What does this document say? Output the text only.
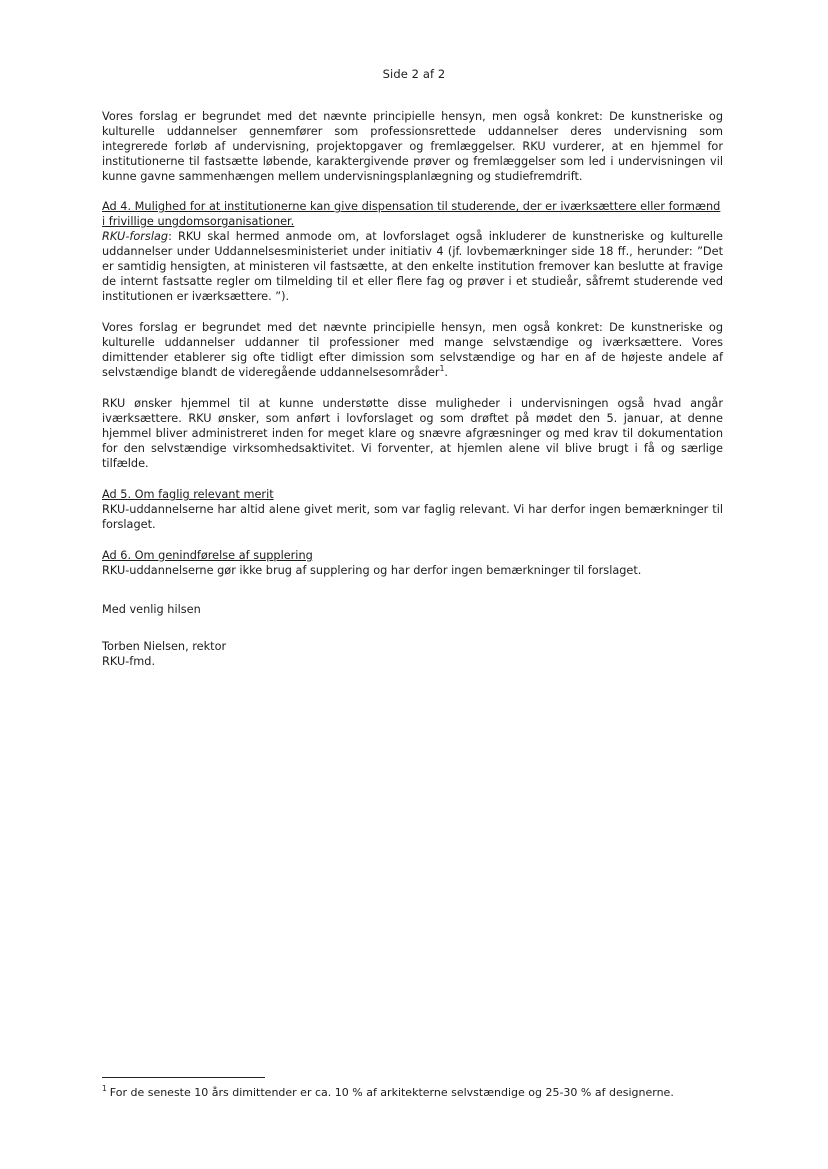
Side 2 af 2

Vores forslag er begrundet med det nævnte principielle hensyn, men også konkret: De kunstneriske og kulturelle uddannelser gennemfører som professionsrettede uddannelser deres undervisning som integrerede forløb af undervisning, projektopgaver og fremlæggelser. RKU vurderer, at en hjemmel for institutionerne til fastsætte løbende, karaktergivende prøver og fremlæggelser som led i undervisningen vil kunne gavne sammenhængen mellem undervisningsplanlægning og studiefremdrift.

Ad 4. Mulighed for at institutionerne kan give dispensation til studerende, der er iværksættere eller formænd i frivillige ungdomsorganisationer.

RKU-forslag: RKU skal hermed anmode om, at lovforslaget også inkluderer de kunstneriske og kulturelle uddannelser under Uddannelsesministeriet under initiativ 4 (jf. lovbemærkninger side 18 ff., herunder: ”Det er samtidig hensigten, at ministeren vil fastsætte, at den enkelte institution fremover kan beslutte at fravige de internt fastsatte regler om tilmelding til et eller flere fag og prøver i et studieår, såfremt studerende ved institutionen er iværksættere. ”).

Vores forslag er begrundet med det nævnte principielle hensyn, men også konkret: De kunstneriske og kulturelle uddannelser uddanner til professioner med mange selvstændige og iværksættere. Vores dimittender etablerer sig ofte tidligt efter dimission som selvstændige og har en af de højeste andele af selvstændige blandt de videregående uddannelsesområder$^1$.

RKU ønsker hjemmel til at kunne understøtte disse muligheder i undervisningen også hvad angår iværksættere. RKU ønsker, som anført i lovforslaget og som drøftet på mødet den 5. januar, at denne hjemmel bliver administreret inden for meget klare og snævre afgræsninger og med krav til dokumentation for den selvstændige virksomhedsaktivitet. Vi forventer, at hjemlen alene vil blive brugt i få og særlige tilfælde.

Ad 5. Om faglig relevant merit

RKU-uddannelserne har altid alene givet merit, som var faglig relevant. Vi har derfor ingen bemærkninger til forslaget.

Ad 6. Om genindførelse af supplering

RKU-uddannelserne gør ikke brug af supplering og har derfor ingen bemærkninger til forslaget.

Med venlig hilsen

Torben Nielsen, rektor

RKU-fmd.

$^1$ For de seneste 10 års dimittender er ca. 10 % af arkitekterne selvstændige og 25-30 % af designerne.
